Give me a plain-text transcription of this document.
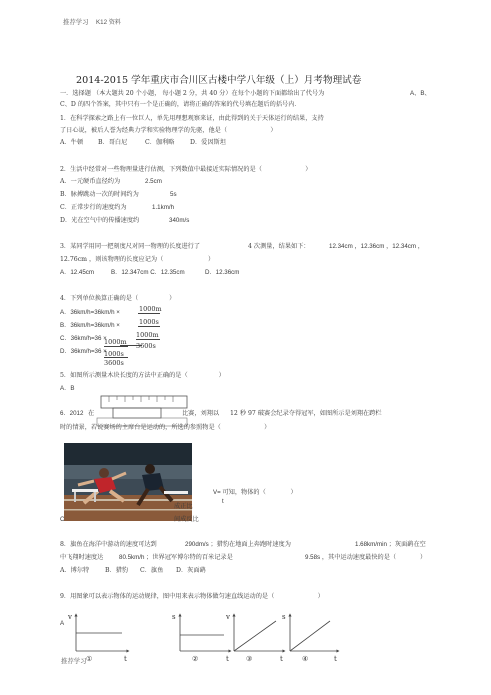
推荐学习 K12 资料
2014-2015 学年重庆市合川区古楼中学八年级（上）月考物理试卷
一．选择题 （本大题共 20 个小题， 每小题 2 分，共 40 分）在每个小题的下面都给出了代号为	A、B、
C、D 的四个答案，其中只有一个是正确的，请将正确的答案的代号填在题后的括号内．
1．在科学探索之路上有一位巨人，单先用理想观察来证，由此得到的关于天体运行的结果，支持
了日心说，被后人誉为经典力学和实验物理学的先驱，他是（　　　　　　　）
A．牛顿 B．哥白尼	C．伽利略	D．爱因斯坦
2．生活中经常对一些物理量进行估测，下列数值中最接近实际情况的是（　　　　　　　）
A．一元硬币直径约为	2.5cm
B．脉搏跳动一次的时间约为	5s
C．正常步行的速度约为	1.1km/h
D．光在空气中的传播速度约	340m/s
3．某同学用同一把刻度尺对同一物理的长度进行了	4 次测量，结果如下：	12.34cm ，12.36cm ，12.34cm ，
12.76cm ，则该物理的长度应记为（	）
A．12.45cm	B．12.347cm C．12.35cm	D．12.36cm
4．下列单位换算正确的是（　　　　　）
A．36km/h=36km/h ×
B．36km/h=36km/h ×
C．36km/h=36 ×
D．36km/h=36 ×
1000m
1000s
1000m
3600s
1000m
1000s
3600s
5．如图所示测量木块长度的方法中正确的是（　　　　　）
A．B
6．2012 在	比赛，刘翔以 12 秒 97 破赛会纪录夺得冠军，如图所示是刘翔在跨栏
时的情景，若说赛场的主席台是运动的，所选的参照物是（　　　　　　　）
V= 可知，物体的（　　　　）
t
成正比
间成反比
C
8．旗鱼在海洋中游动的速度可达到	290dm/s ；猎豹在地面上奔跑时速度为	1.68km/min ；灰面鹞在空
中飞翔时速度达	80.5km/h ；世界冠军博尔特的百米记录是	9.58s ，其中运动速度最快的是（	）
A．博尔特	B．猎豹 C．旗鱼 D．灰面鹞
9．用图象可以表示物体的运动规律，图中用来表示物体做匀速直线运动的是（　　　　　　　）
A
v
t
s
t
v
t
s
t
①	②	③	④
推荐学习
